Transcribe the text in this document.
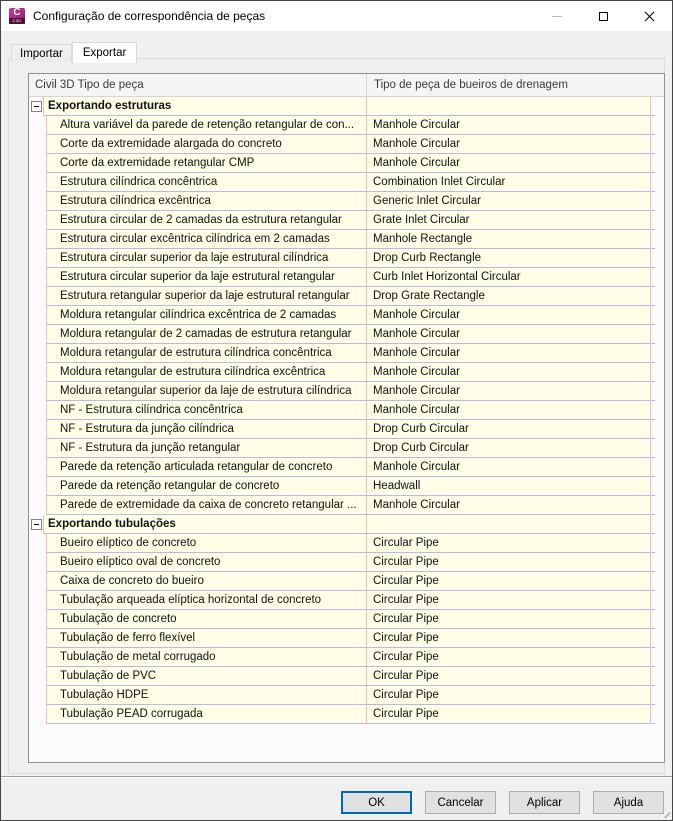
C
C3D Configuração de correspondência de peças
Importar	Exportar
Civil 3D Tipo de peça	Tipo de peça de bueiros de drenagem
Exportando estruturas
Altura variável da parede de retenção retangular de con...	Manhole Circular
Corte da extremidade alargada do concreto	Manhole Circular
Corte da extremidade retangular CMP	Manhole Circular
Estrutura cilíndrica concêntrica	Combination Inlet Circular
Estrutura cilíndrica excêntrica	Generic Inlet Circular
Estrutura circular de 2 camadas da estrutura retangular	Grate Inlet Circular
Estrutura circular excêntrica cilíndrica em 2 camadas	Manhole Rectangle
Estrutura circular superior da laje estrutural cilíndrica	Drop Curb Rectangle
Estrutura circular superior da laje estrutural retangular	Curb Inlet Horizontal Circular
Estrutura retangular superior da laje estrutural retangular	Drop Grate Rectangle
Moldura retangular cilíndrica excêntrica de 2 camadas	Manhole Circular
Moldura retangular de 2 camadas de estrutura retangular	Manhole Circular
Moldura retangular de estrutura cilíndrica concêntrica	Manhole Circular
Moldura retangular de estrutura cilíndrica excêntrica	Manhole Circular
Moldura retangular superior da laje de estrutura cilíndrica	Manhole Circular
NF - Estrutura cilíndrica concêntrica	Manhole Circular
NF - Estrutura da junção cilíndrica	Drop Curb Circular
NF - Estrutura da junção retangular	Drop Curb Circular
Parede da retenção articulada retangular de concreto	Manhole Circular
Parede da retenção retangular de concreto	Headwall
Parede de extremidade da caixa de concreto retangular ...	Manhole Circular
Exportando tubulações
Bueiro elíptico de concreto	Circular Pipe
Bueiro elíptico oval de concreto	Circular Pipe
Caixa de concreto do bueiro	Circular Pipe
Tubulação arqueada elíptica horizontal de concreto	Circular Pipe
Tubulação de concreto	Circular Pipe
Tubulação de ferro flexível	Circular Pipe
Tubulação de metal corrugado	Circular Pipe
Tubulação de PVC	Circular Pipe
Tubulação HDPE	Circular Pipe
Tubulação PEAD corrugada	Circular Pipe
OK	Cancelar	Aplicar	Ajuda
